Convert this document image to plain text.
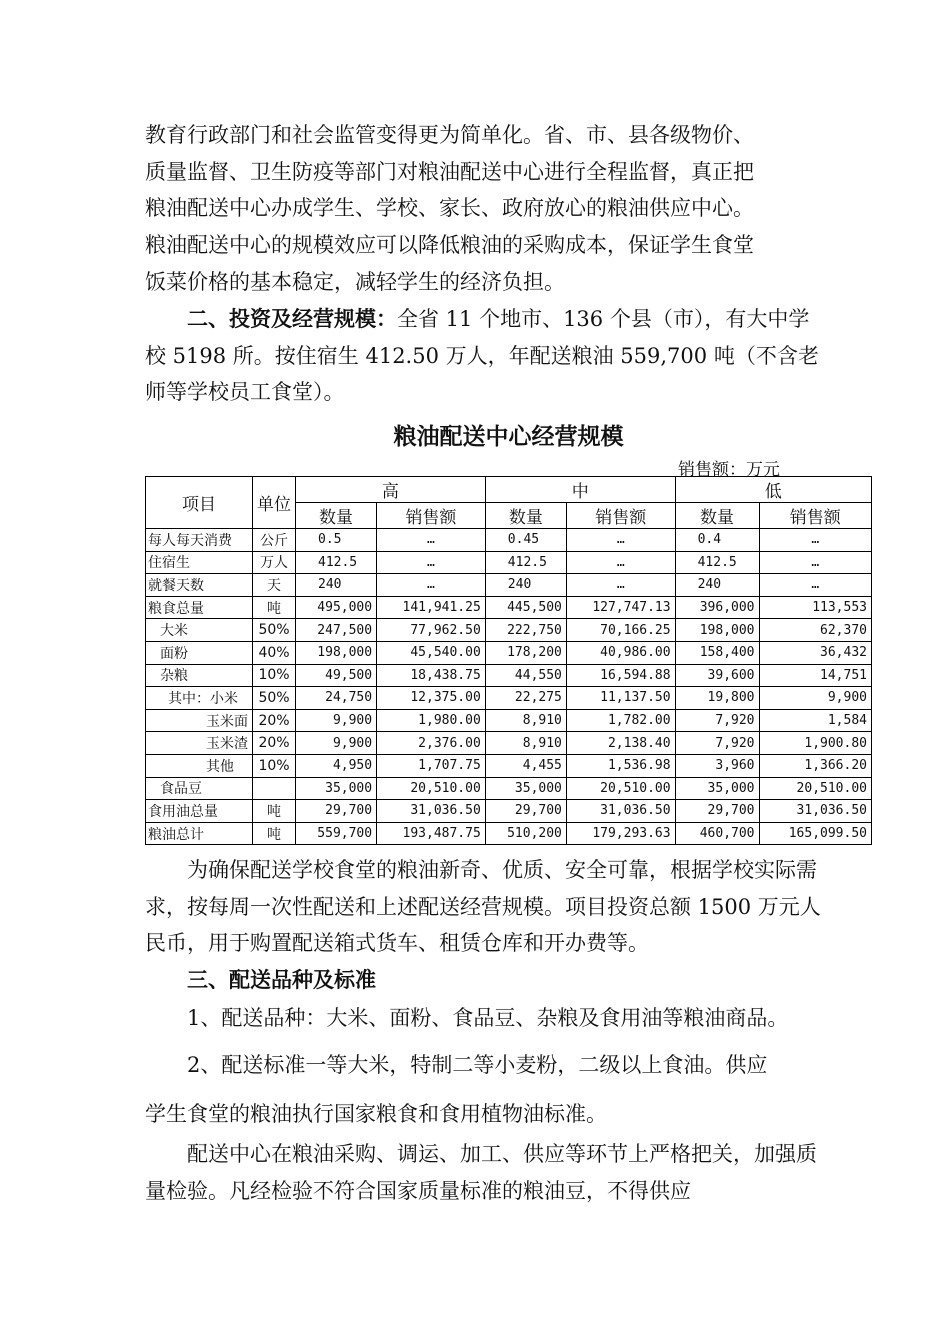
教育行政部门和社会监管变得更为简单化。省、市、县各级物价、
质量监督、卫生防疫等部门对粮油配送中心进行全程监督，真正把
粮油配送中心办成学生、学校、家长、政府放心的粮油供应中心。
粮油配送中心的规模效应可以降低粮油的采购成本，保证学生食堂
饭菜价格的基本稳定，减轻学生的经济负担。

二、投资及经营规模：全省 11 个地市、136 个县（市），有大中学校 5198 所。按住宿生 412.50 万人，年配送粮油 559,700 吨（不含老师等学校员工食堂）。

粮油配送中心经营规模
销售额：万元
项目	单位	高		中		低	
		数量	销售额	数量	销售额	数量	销售额
每人每天消费	公斤	0.5	…	0.45	…	0.4	…
住宿生	万人	412.5	…	412.5	…	412.5	…
就餐天数	天	240	…	240	…	240	…
粮食总量	吨	495,000	141,941.25	445,500	127,747.13	396,000	113,553
大米	50%	247,500	77,962.50	222,750	70,166.25	198,000	62,370
面粉	40%	198,000	45,540.00	178,200	40,986.00	158,400	36,432
杂粮	10%	49,500	18,438.75	44,550	16,594.88	39,600	14,751
其中：小米	50%	24,750	12,375.00	22,275	11,137.50	19,800	9,900
玉米面	20%	9,900	1,980.00	8,910	1,782.00	7,920	1,584
玉米渣	20%	9,900	2,376.00	8,910	2,138.40	7,920	1,900.80
其他	10%	4,950	1,707.75	4,455	1,536.98	3,960	1,366.20
食品豆		35,000	20,510.00	35,000	20,510.00	35,000	20,510.00
食用油总量	吨	29,700	31,036.50	29,700	31,036.50	29,700	31,036.50
粮油总计	吨	559,700	193,487.75	510,200	179,293.63	460,700	165,099.50

为确保配送学校食堂的粮油新奇、优质、安全可靠，根据学校实际需求，按每周一次性配送和上述配送经营规模。项目投资总额 1500 万元人民币，用于购置配送箱式货车、租赁仓库和开办费等。

三、配送品种及标准

1、配送品种：大米、面粉、食品豆、杂粮及食用油等粮油商品。

2、配送标准一等大米，特制二等小麦粉，二级以上食油。供应

学生食堂的粮油执行国家粮食和食用植物油标准。

配送中心在粮油采购、调运、加工、供应等环节上严格把关，加强质量检验。凡经检验不符合国家质量标准的粮油豆，不得供应
